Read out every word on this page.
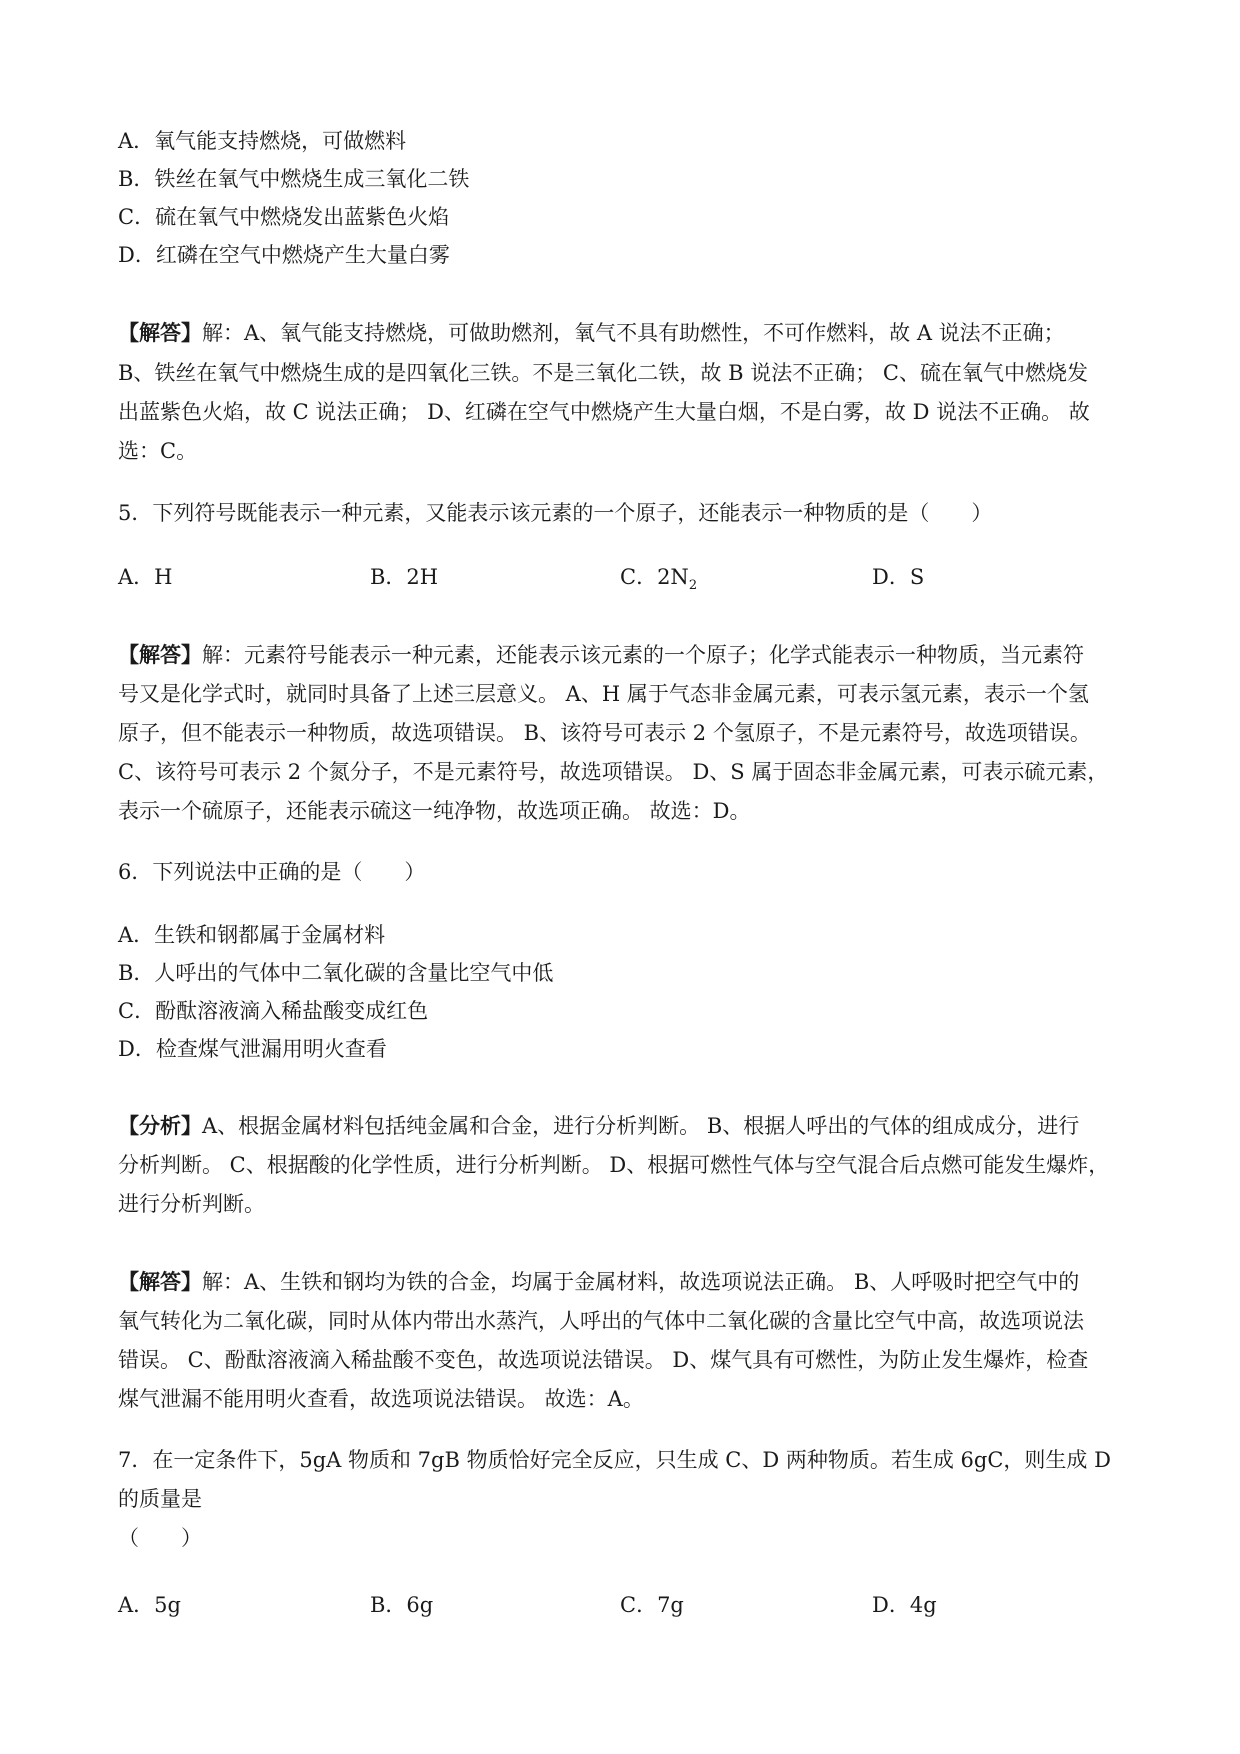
A．氧气能支持燃烧，可做燃料
B．铁丝在氧气中燃烧生成三氧化二铁
C．硫在氧气中燃烧发出蓝紫色火焰
D．红磷在空气中燃烧产生大量白雾
【解答】解：A、氧气能支持燃烧，可做助燃剂，氧气不具有助燃性，不可作燃料，故 A 说法不正确；
B、铁丝在氧气中燃烧生成的是四氧化三铁。不是三氧化二铁，故 B 说法不正确； C、硫在氧气中燃烧发
出蓝紫色火焰，故 C 说法正确； D、红磷在空气中燃烧产生大量白烟，不是白雾，故 D 说法不正确。 故
选：C。
5．下列符号既能表示一种元素，又能表示该元素的一个原子，还能表示一种物质的是（　　）
A．H	B．2H	C．$2N_2$	D．S
【解答】解：元素符号能表示一种元素，还能表示该元素的一个原子；化学式能表示一种物质，当元素符
号又是化学式时，就同时具备了上述三层意义。 A、H 属于气态非金属元素，可表示氢元素，表示一个氢
原子，但不能表示一种物质，故选项错误。 B、该符号可表示 2 个氢原子，不是元素符号，故选项错误。
C、该符号可表示 2 个氮分子，不是元素符号，故选项错误。 D、S 属于固态非金属元素，可表示硫元素，
表示一个硫原子，还能表示硫这一纯净物，故选项正确。 故选：D。
6．下列说法中正确的是（　　）
A．生铁和钢都属于金属材料
B．人呼出的气体中二氧化碳的含量比空气中低
C．酚酞溶液滴入稀盐酸变成红色
D．检查煤气泄漏用明火查看
【分析】A、根据金属材料包括纯金属和合金，进行分析判断。 B、根据人呼出的气体的组成成分，进行
分析判断。 C、根据酸的化学性质，进行分析判断。 D、根据可燃性气体与空气混合后点燃可能发生爆炸，
进行分析判断。
【解答】解：A、生铁和钢均为铁的合金，均属于金属材料，故选项说法正确。 B、人呼吸时把空气中的
氧气转化为二氧化碳，同时从体内带出水蒸汽，人呼出的气体中二氧化碳的含量比空气中高，故选项说法
错误。 C、酚酞溶液滴入稀盐酸不变色，故选项说法错误。 D、煤气具有可燃性，为防止发生爆炸，检查
煤气泄漏不能用明火查看，故选项说法错误。 故选：A。
7．在一定条件下，5gA 物质和 7gB 物质恰好完全反应，只生成 C、D 两种物质。若生成 6gC，则生成 D
的质量是
（　　）
A．5g	B．6g	C．7g	D．4g
